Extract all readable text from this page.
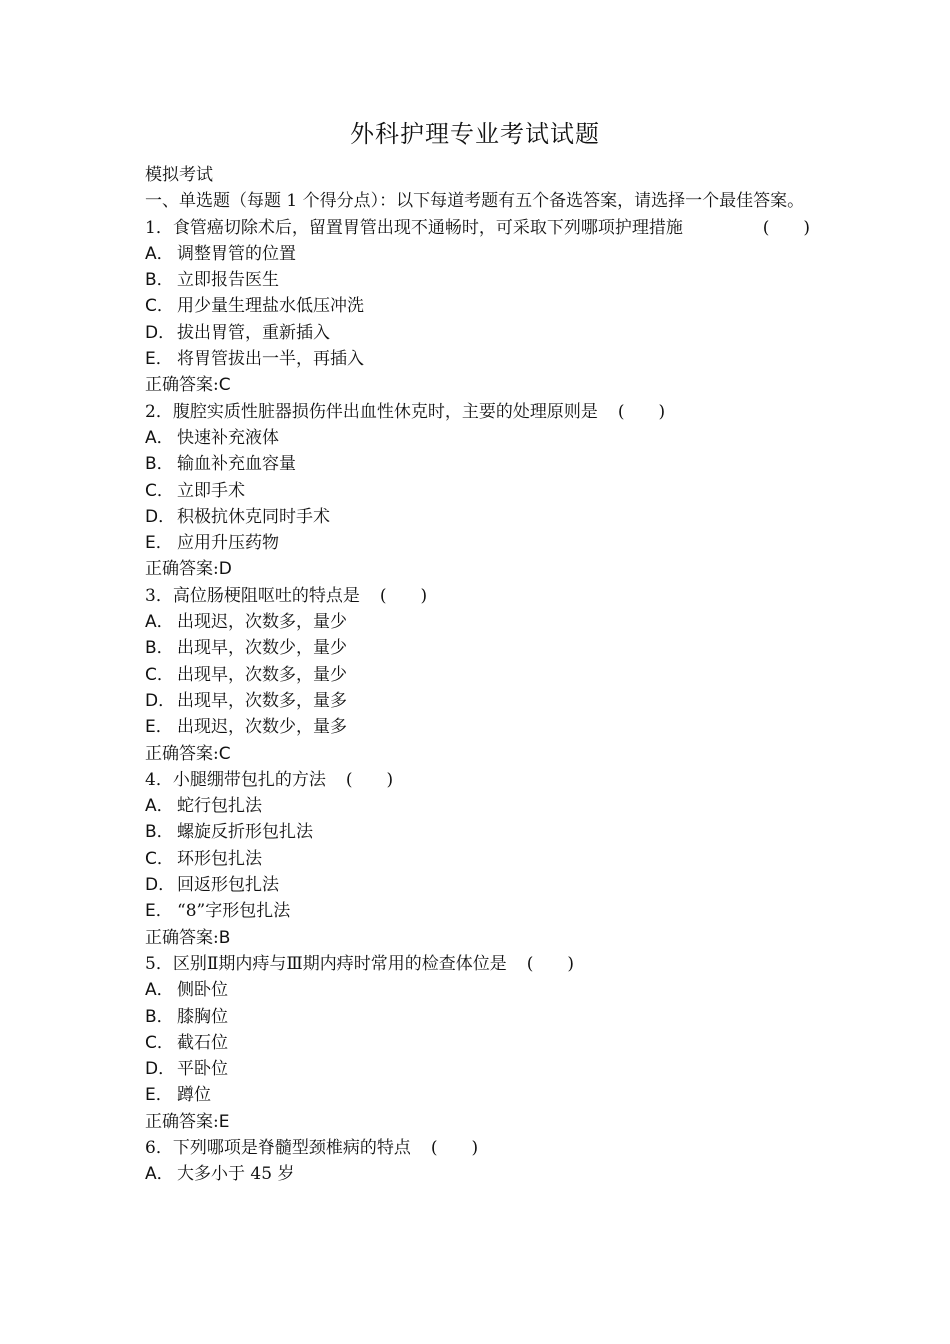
外科护理专业考试试题
模拟考试
一、单选题（每题 1 个得分点）：以下每道考题有五个备选答案，请选择一个最佳答案。
1．食管癌切除术后，留置胃管出现不通畅时，可采取下列哪项护理措施	(　　)
A． 调整胃管的位置
B． 立即报告医生
C． 用少量生理盐水低压冲洗
D． 拔出胃管，重新插入
E． 将胃管拔出一半，再插入
正确答案:C
2．腹腔实质性脏器损伤伴出血性休克时，主要的处理原则是 (　　)
A． 快速补充液体
B． 输血补充血容量
C． 立即手术
D． 积极抗休克同时手术
E． 应用升压药物
正确答案:D
3．高位肠梗阻呕吐的特点是 (　　)
A． 出现迟，次数多，量少
B． 出现早，次数少，量少
C． 出现早，次数多，量少
D． 出现早，次数多，量多
E． 出现迟，次数少，量多
正确答案:C
4．小腿绷带包扎的方法 (　　)
A． 蛇行包扎法
B． 螺旋反折形包扎法
C． 环形包扎法
D． 回返形包扎法
E． “8”字形包扎法
正确答案:B
5．区别Ⅱ期内痔与Ⅲ期内痔时常用的检查体位是 (　　)
A． 侧卧位
B． 膝胸位
C． 截石位
D． 平卧位
E． 蹲位
正确答案:E
6．下列哪项是脊髓型颈椎病的特点 (　　)
A． 大多小于 45 岁
